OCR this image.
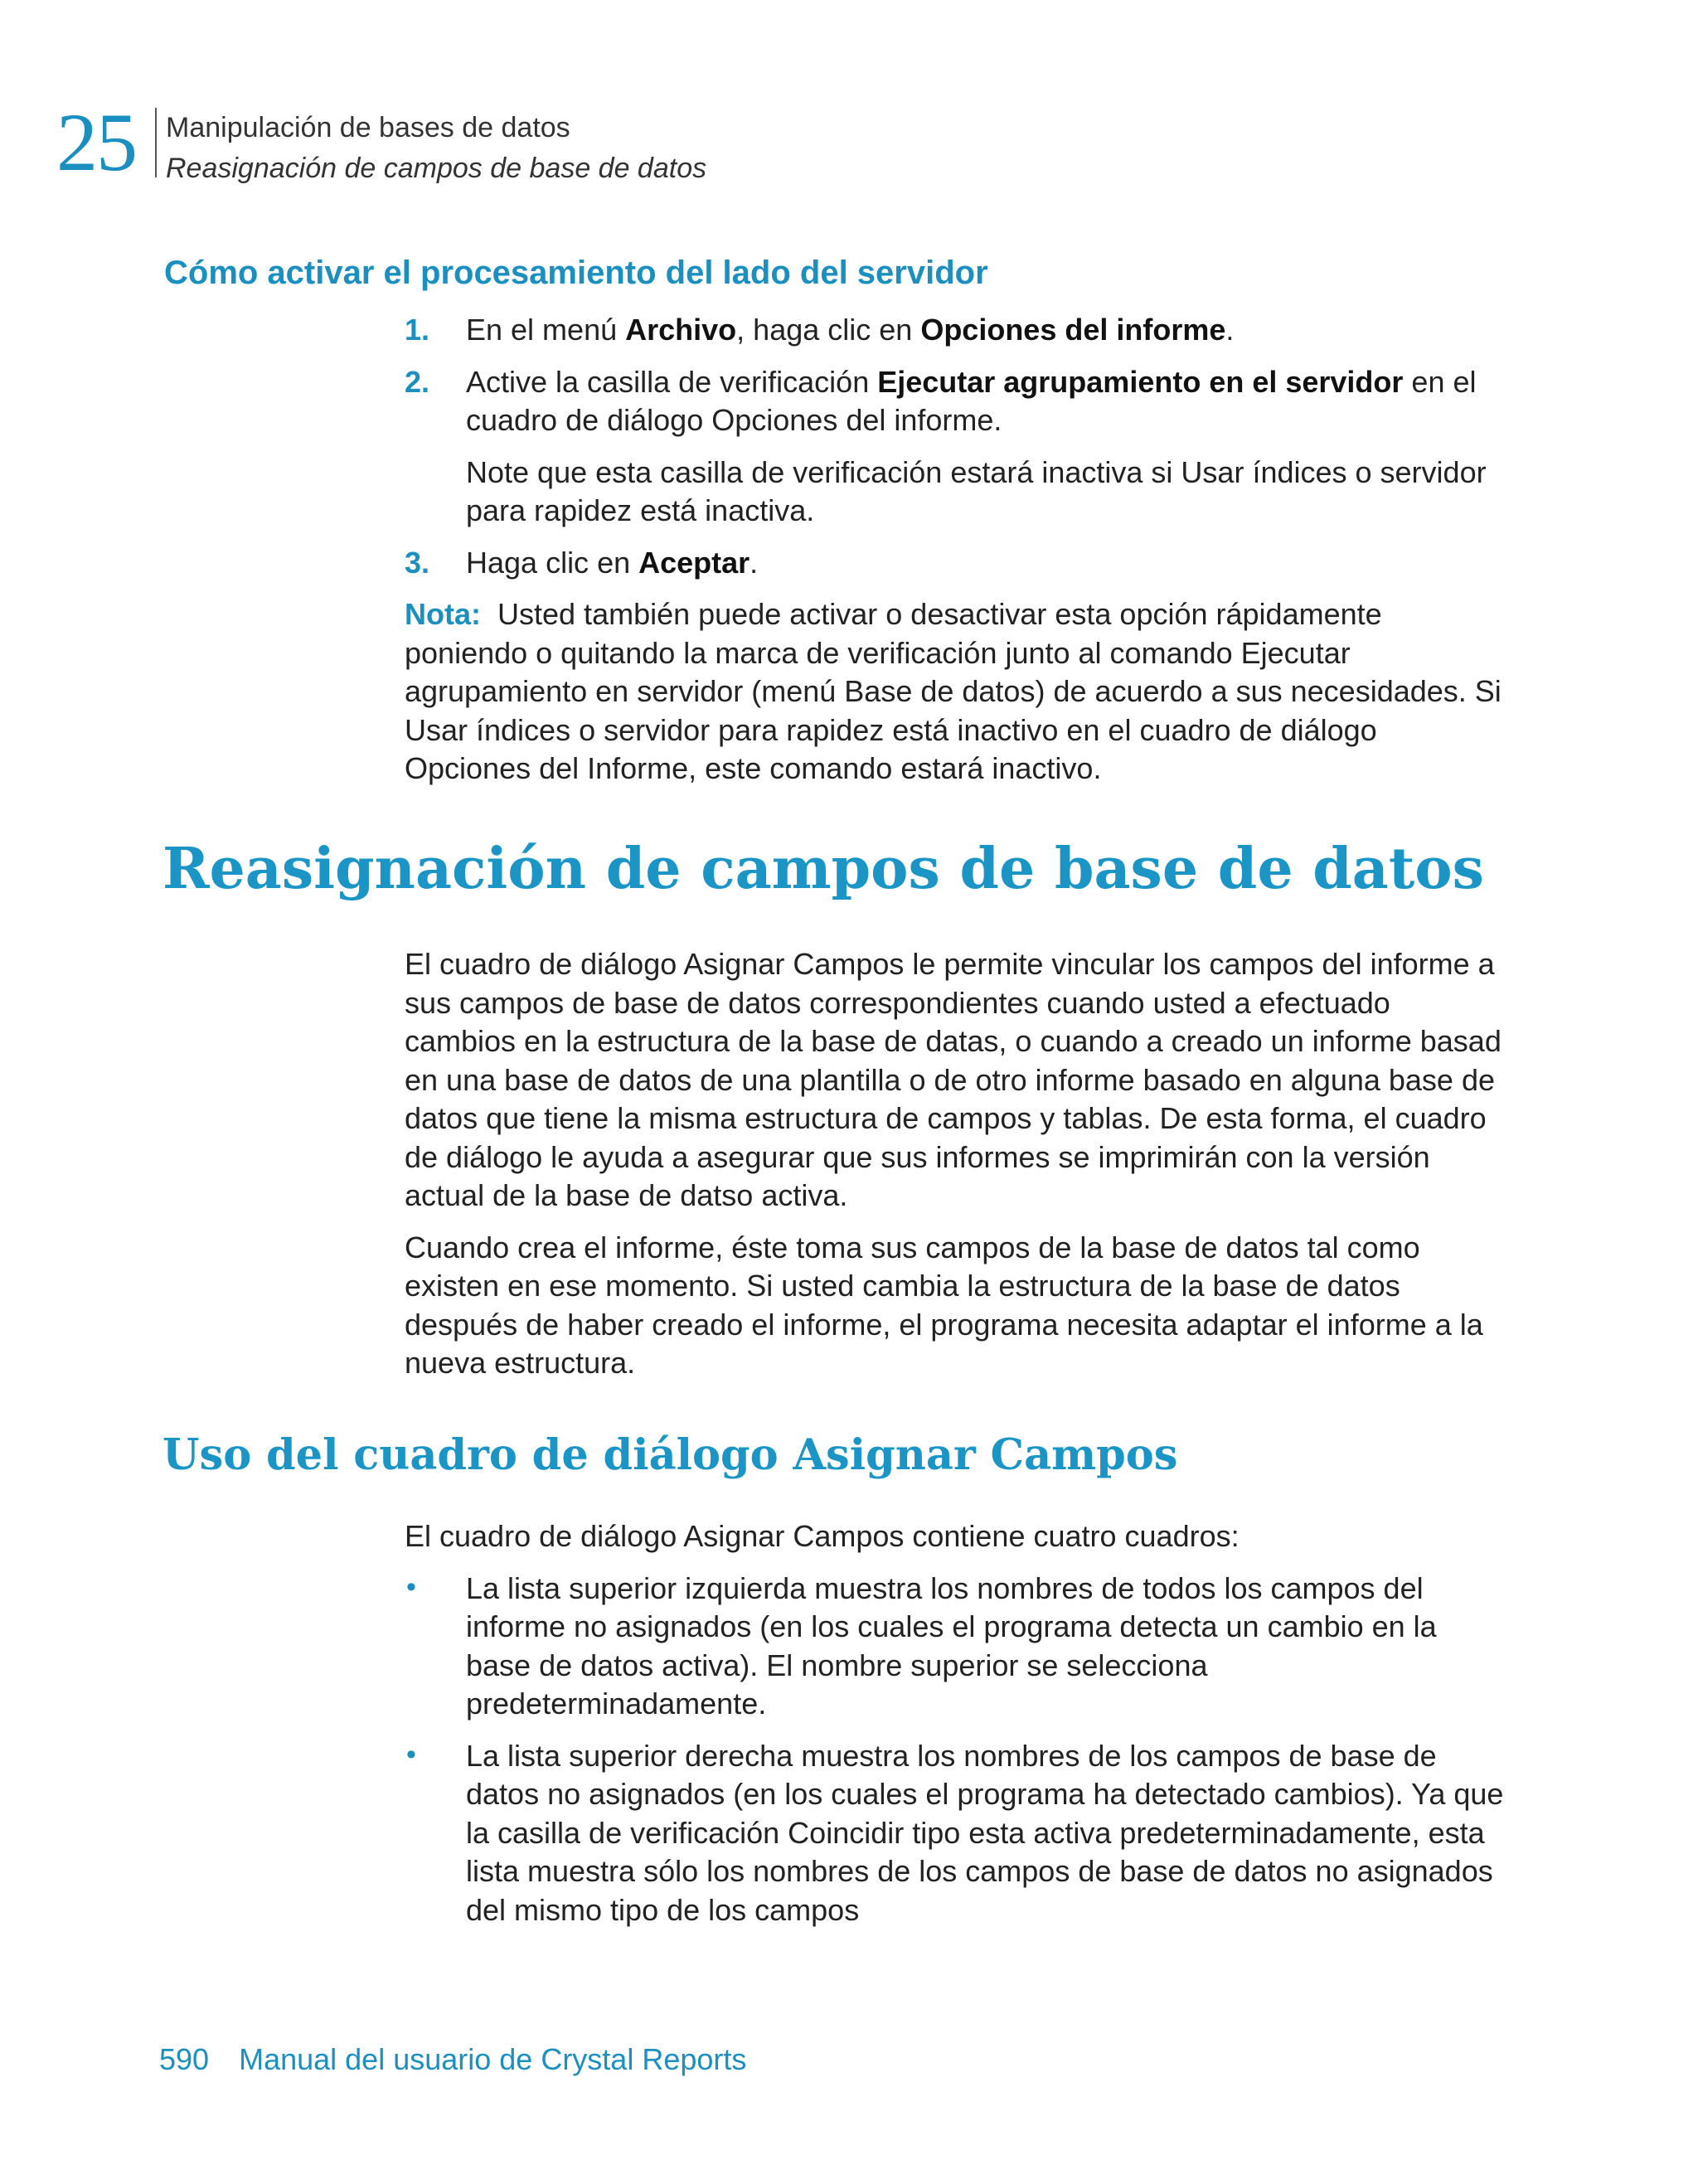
25 Manipulación de bases de datos
Reasignación de campos de base de datos
Cómo activar el procesamiento del lado del servidor
1. En el menú Archivo, haga clic en Opciones del informe.

2. Active la casilla de verificación Ejecutar agrupamiento en el servidor en el cuadro de diálogo Opciones del informe.

Note que esta casilla de verificación estará inactiva si Usar índices o servidor para rapidez está inactiva.

3. Haga clic en Aceptar.

Nota: Usted también puede activar o desactivar esta opción rápidamente poniendo o quitando la marca de verificación junto al comando Ejecutar agrupamiento en servidor (menú Base de datos) de acuerdo a sus necesidades. Si Usar índices o servidor para rapidez está inactivo en el cuadro de diálogo Opciones del Informe, este comando estará inactivo.

Reasignación de campos de base de datos

El cuadro de diálogo Asignar Campos le permite vincular los campos del informe a sus campos de base de datos correspondientes cuando usted a efectuado cambios en la estructura de la base de datas, o cuando a creado un informe basad en una base de datos de una plantilla o de otro informe basado en alguna base de datos que tiene la misma estructura de campos y tablas. De esta forma, el cuadro de diálogo le ayuda a asegurar que sus informes se imprimirán con la versión actual de la base de datso activa.

Cuando crea el informe, éste toma sus campos de la base de datos tal como existen en ese momento. Si usted cambia la estructura de la base de datos después de haber creado el informe, el programa necesita adaptar el informe a la nueva estructura.

Uso del cuadro de diálogo Asignar Campos

El cuadro de diálogo Asignar Campos contiene cuatro cuadros:

• La lista superior izquierda muestra los nombres de todos los campos del informe no asignados (en los cuales el programa detecta un cambio en la base de datos activa). El nombre superior se selecciona predeterminadamente.

• La lista superior derecha muestra los nombres de los campos de base de datos no asignados (en los cuales el programa ha detectado cambios). Ya que la casilla de verificación Coincidir tipo esta activa predeterminadamente, esta lista muestra sólo los nombres de los campos de base de datos no asignados del mismo tipo de los campos

590 Manual del usuario de Crystal Reports
